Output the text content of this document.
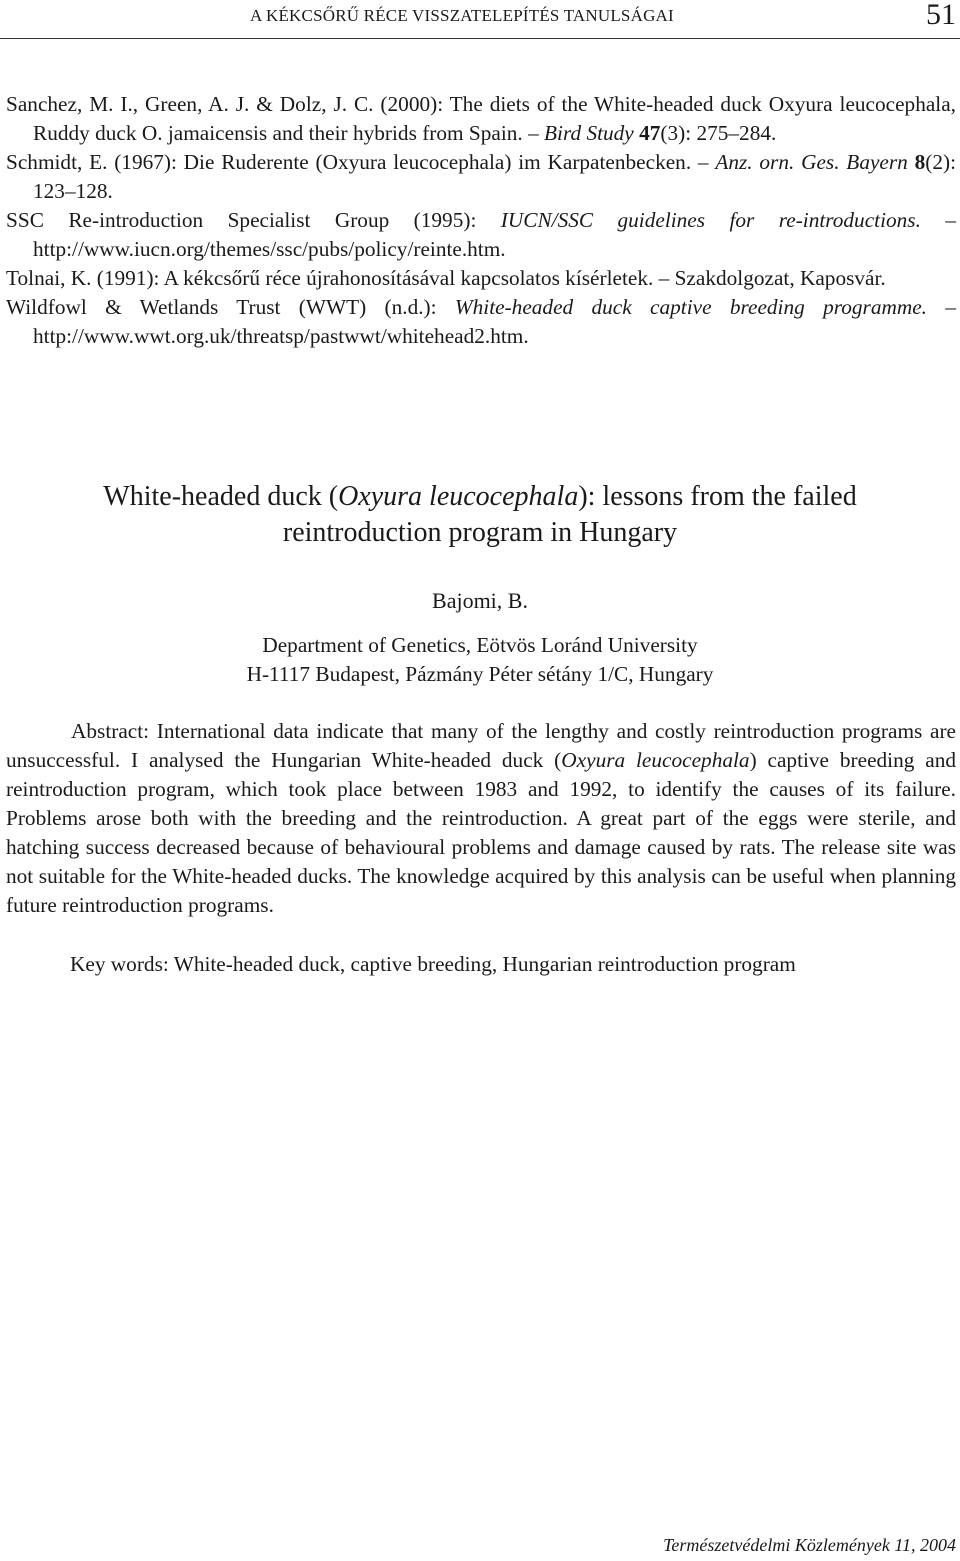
A KÉKCSŐRŰ RÉCE VISSZATELEPÍTÉS TANULSÁGAI	51
Sanchez, M. I., Green, A. J. & Dolz, J. C. (2000): The diets of the White-headed duck Oxyura leucocephala, Ruddy duck O. jamaicensis and their hybrids from Spain. – Bird Study 47(3): 275–284.
Schmidt, E. (1967): Die Ruderente (Oxyura leucocephala) im Karpatenbecken. – Anz. orn. Ges. Bayern 8(2): 123–128.
SSC Re-introduction Specialist Group (1995): IUCN/SSC guidelines for re-introductions. – http://www.iucn.org/themes/ssc/pubs/policy/reinte.htm.
Tolnai, K. (1991): A kékcsőrű réce újrahonosításával kapcsolatos kísérletek. – Szakdolgozat, Kaposvár.
Wildfowl & Wetlands Trust (WWT) (n.d.): White-headed duck captive breeding programme. – http://www.wwt.org.uk/threatsp/pastwwt/whitehead2.htm.
White-headed duck (Oxyura leucocephala): lessons from the failed
reintroduction program in Hungary
Bajomi, B.
Department of Genetics, Eötvös Loránd University
H-1117 Budapest, Pázmány Péter sétány 1/C, Hungary
Abstract: International data indicate that many of the lengthy and costly reintroduction programs are unsuccessful. I analysed the Hungarian White-headed duck (Oxyura leucocephala) captive breeding and reintroduction program, which took place between 1983 and 1992, to identify the causes of its failure. Problems arose both with the breeding and the reintroduction. A great part of the eggs were sterile, and hatching success decreased because of behavioural problems and damage caused by rats. The release site was not suitable for the White-headed ducks. The knowledge acquired by this analysis can be useful when planning future reintroduction programs.
Key words: White-headed duck, captive breeding, Hungarian reintroduction program
Természetvédelmi Közlemények 11, 2004
